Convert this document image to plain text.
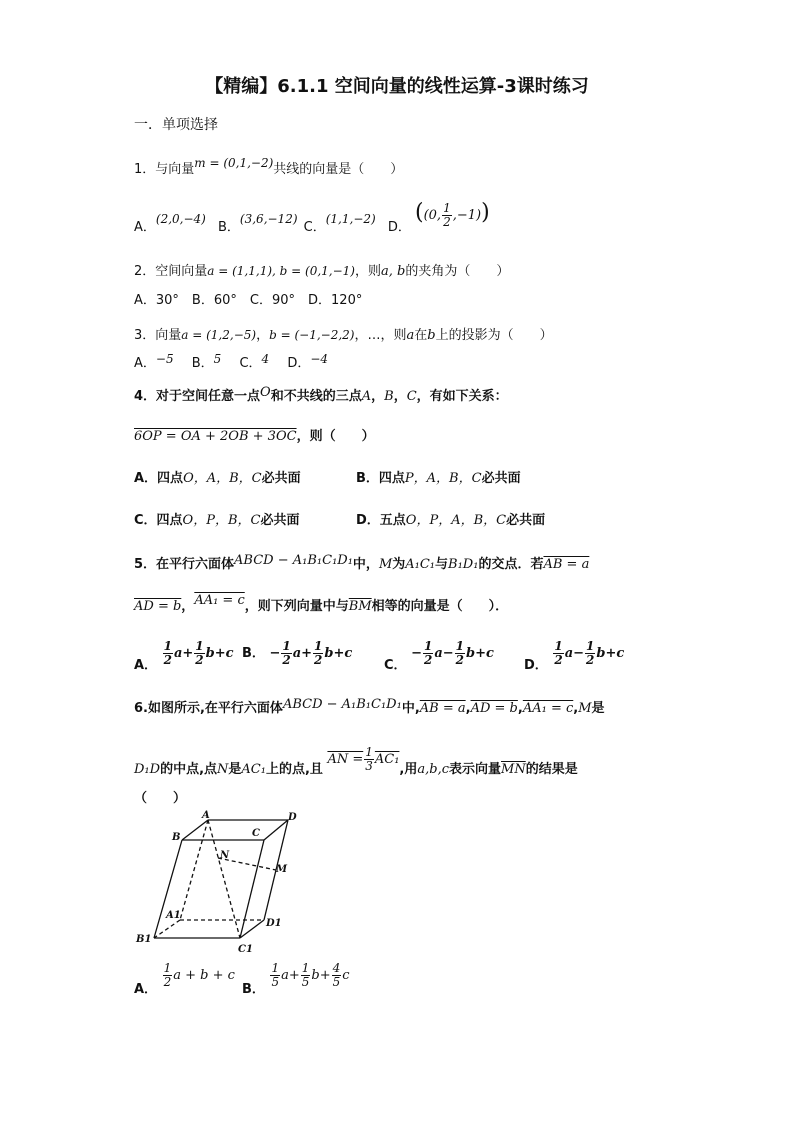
【精编】6.1.1 空间向量的线性运算-3课时练习
一．单项选择
1．与向量m = (0,1,−2)共线的向量是（　　）
A．(2,0,−4) B．(3,6,−12) C．(1,1,−2) D． ((0, $\frac{1}{2} ,-1$))
2．空间向量a = (1,1,1), b = (0,1,−1)，则a, b的夹角为（　　）
A．30°　B．60°　C．90°　D．120°
3．向量a = (1,2,−5)，b = (−1,−2,2)，…，则a在b上的投影为（　　）
A．−5 B．5 C．4 D．−4
4．对于空间任意一点O和不共线的三点A，B，C，有如下关系：
6OP = OA + 2OB + 3OC，则（　　）
A．四点O，A，B，C必共面	B．四点P，A，B，C必共面
C．四点O，P，B，C必共面	D．五点O，P，A，B，C必共面
5．在平行六面体ABCD − A₁B₁C₁D₁中，M为A₁C₁与B₁D₁的交点．若AB = a
AD = b，AA₁ = c，则下列向量中与$\overline{BM}$相等的向量是（　　）．
A． $\frac{1}{2} a+ \frac{1}{2} b+c$ B． − $\frac{1}{2} a+ \frac{1}{2} b+c$
C． − $\frac{1}{2} a- \frac{1}{2} b+c$
D． $\frac{1}{2} a- \frac{1}{2} b+c$
6.如图所示,在平行六面体ABCD − A₁B₁C₁D₁中,AB = a,AD = b,AA₁ = c,M是
D₁D的中点,点N是AC₁上的点,且 AN = $\frac{1}{3} AC_1$,用a,b,c表示向量$\overline{MN}$的结果是
（　　）
A
B	C
D
N
M
A1
B1
C1
D1
A．
$\frac{1}{2}$ a + b + c
B．
$\frac{1}{5} a+ \frac{1}{5} b+ \frac{4}{5}$ c
